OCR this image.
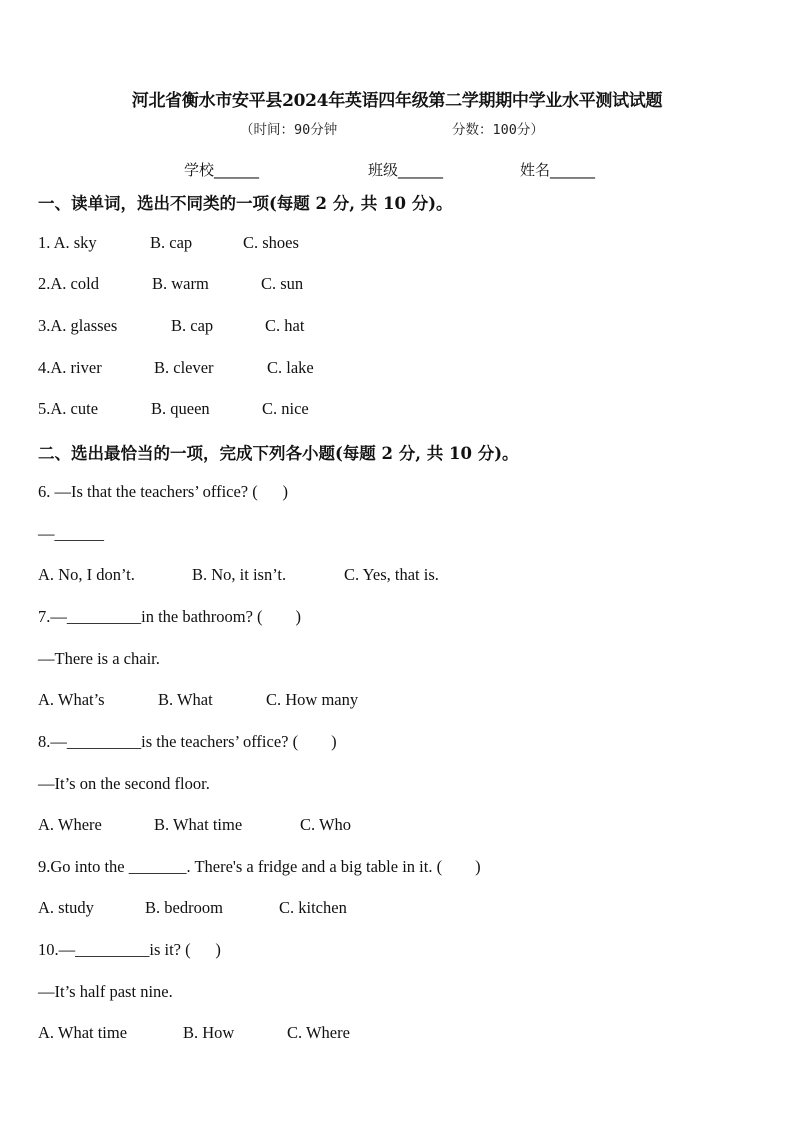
河北省衡水市安平县2024年英语四年级第二学期期中学业水平测试试题
（时间：90分钟	分数：100分）
学校______	班级______	姓名______
一、读单词，选出不同类的一项(每题 2 分, 共 10 分)。

1. A. sky

	B. cap

	C. shoes

2.A. cold

	B. warm

	C. sun

3.A. glasses

	B. cap

	C. hat

4.A. river

	B. clever

	C. lake

5.A. cute

	B. queen

	C. nice

二、选出最恰当的一项，完成下列各小题(每题 2 分, 共 10 分)。
6. —Is that the teachers’ office? (      )
—______

A. No, I don’t.

	B. No, it isn’t.

	C. Yes, that is.

7.—_________in the bathroom? (        )
—There is a chair.

A. What’s

	B. What

	C. How many

8.—_________is the teachers’ office? (        )
—It’s on the second floor.

A. Where

	B. What time

	C. Who

9.Go into the _______. There's a fridge and a big table in it. (        )

A. study

	B. bedroom

	C. kitchen

10.—_________is it? (      )
—It’s half past nine.

A. What time

	B. How

	C. Where
